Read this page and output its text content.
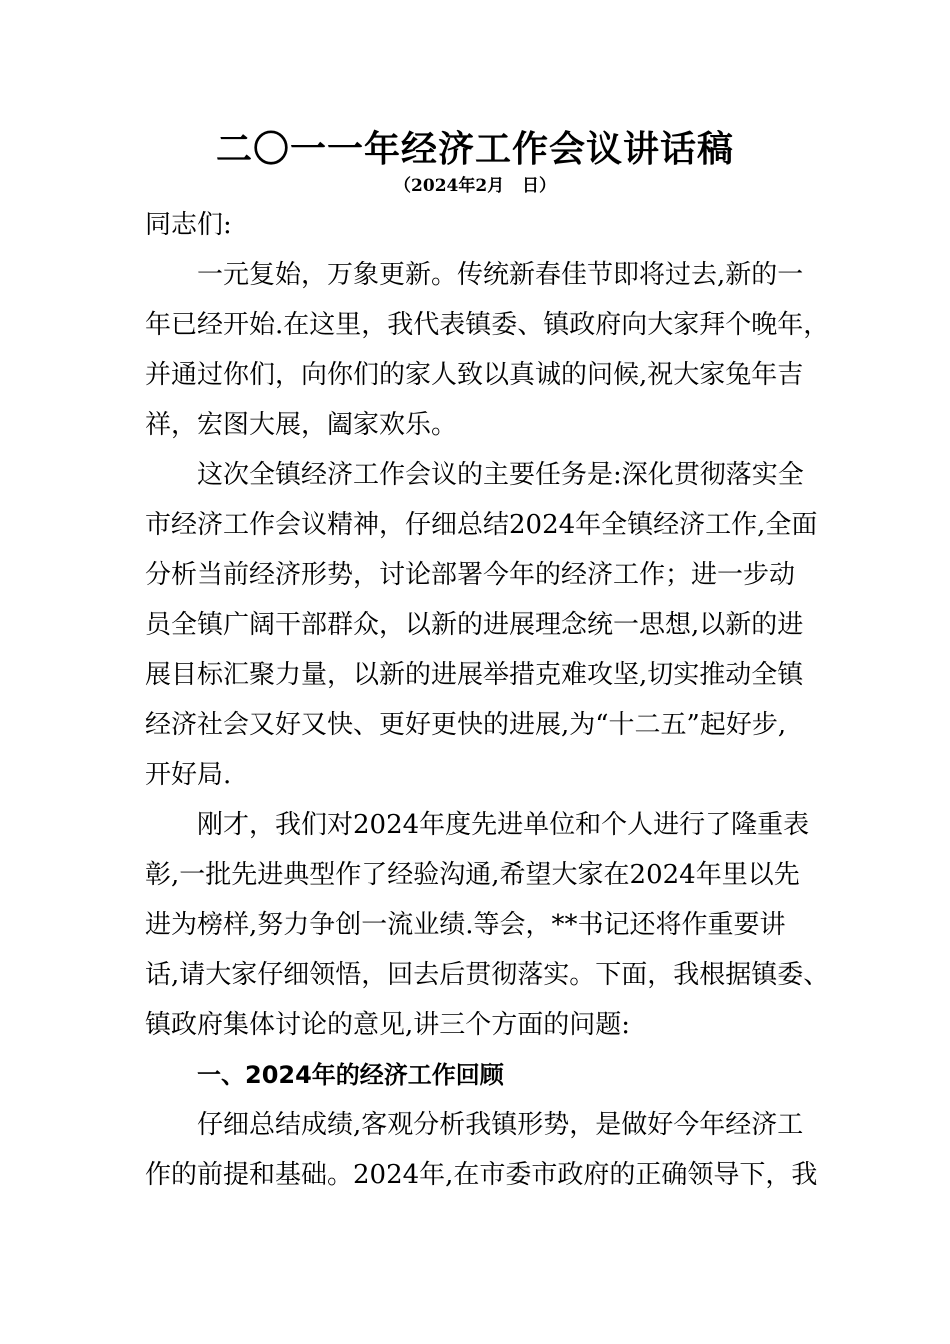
二〇一一年经济工作会议讲话稿
（2024年2月   日）

同志们:

一元复始，万象更新。传统新春佳节即将过去,新的一
年已经开始.在这里，我代表镇委、镇政府向大家拜个晚年，
并通过你们，向你们的家人致以真诚的问候,祝大家兔年吉
祥，宏图大展，阖家欢乐。

这次全镇经济工作会议的主要任务是:深化贯彻落实全
市经济工作会议精神，仔细总结2024年全镇经济工作,全面
分析当前经济形势，讨论部署今年的经济工作；进一步动
员全镇广阔干部群众，以新的进展理念统一思想,以新的进
展目标汇聚力量，以新的进展举措克难攻坚,切实推动全镇
经济社会又好又快、更好更快的进展,为“十二五”起好步,
开好局.

刚才，我们对2024年度先进单位和个人进行了隆重表
彰,一批先进典型作了经验沟通,希望大家在2024年里以先
进为榜样,努力争创一流业绩.等会，**书记还将作重要讲
话,请大家仔细领悟，回去后贯彻落实。下面，我根据镇委、
镇政府集体讨论的意见,讲三个方面的问题:

一、2024年的经济工作回顾

仔细总结成绩,客观分析我镇形势，是做好今年经济工
作的前提和基础。2024年,在市委市政府的正确领导下，我
